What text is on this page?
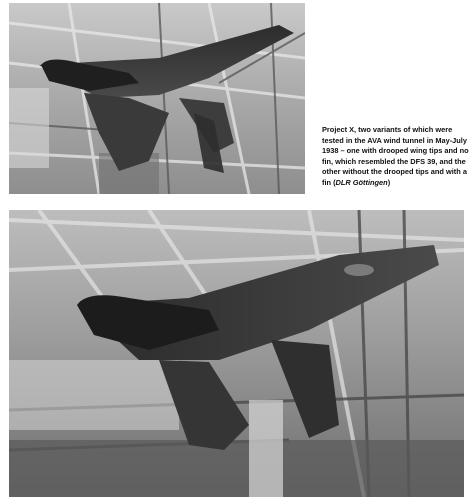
Project X, two variants of which were tested in the AVA wind tunnel in May-July 1938 – one with drooped wing tips and no fin, which resembled the DFS 39, and the other without the drooped tips and with a fin (DLR Göttingen)
